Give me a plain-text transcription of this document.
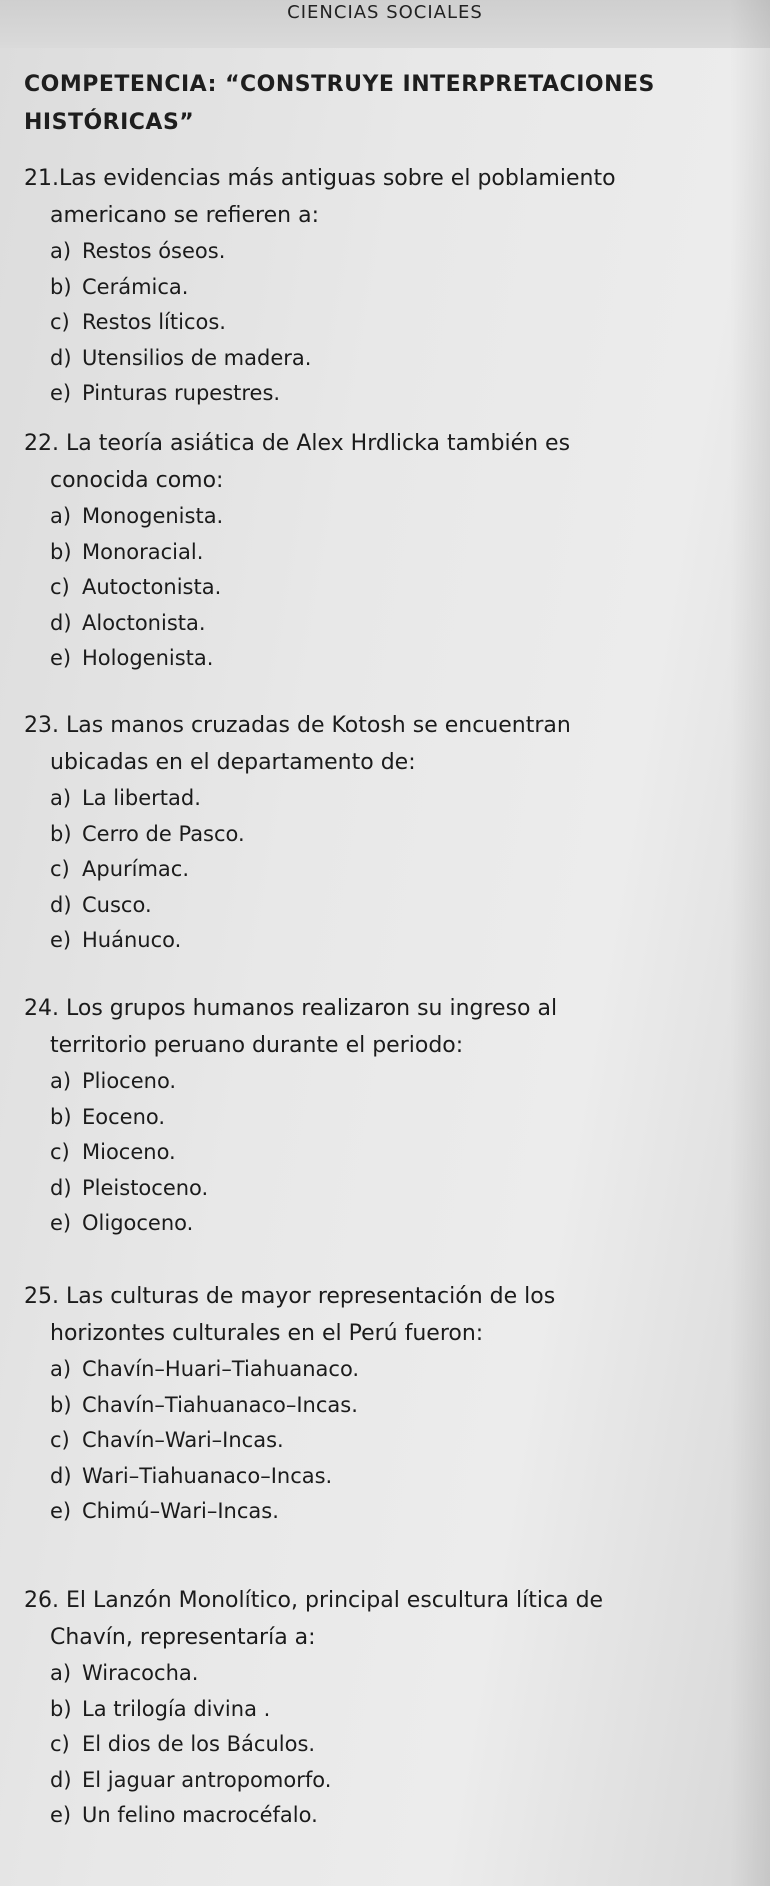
CIENCIAS SOCIALES
COMPETENCIA: “CONSTRUYE INTERPRETACIONES HISTÓRICAS”

21.Las evidencias más antiguas sobre el poblamiento
americano se refieren a:

a) Restos óseos.
b) Cerámica.
c) Restos líticos.
d) Utensilios de madera.
e) Pinturas rupestres.

22. La teoría asiática de Alex Hrdlicka también es
conocida como:

a) Monogenista.
b) Monoracial.
c) Autoctonista.
d) Aloctonista.
e) Hologenista.

23. Las manos cruzadas de Kotosh se encuentran
ubicadas en el departamento de:

a) La libertad.
b) Cerro de Pasco.
c) Apurímac.
d) Cusco.
e) Huánuco.

24. Los grupos humanos realizaron su ingreso al
territorio peruano durante el periodo:

a) Plioceno.
b) Eoceno.
c) Mioceno.
d) Pleistoceno.
e) Oligoceno.

25. Las culturas de mayor representación de los
horizontes culturales en el Perú fueron:

a) Chavín–Huari–Tiahuanaco.
b) Chavín–Tiahuanaco–Incas.
c) Chavín–Wari–Incas.
d) Wari–Tiahuanaco–Incas.
e) Chimú–Wari–Incas.

26. El Lanzón Monolítico, principal escultura lítica de
Chavín, representaría a:

a) Wiracocha.
b) La trilogía divina .
c) El dios de los Báculos.
d) El jaguar antropomorfo.
e) Un felino macrocéfalo.
